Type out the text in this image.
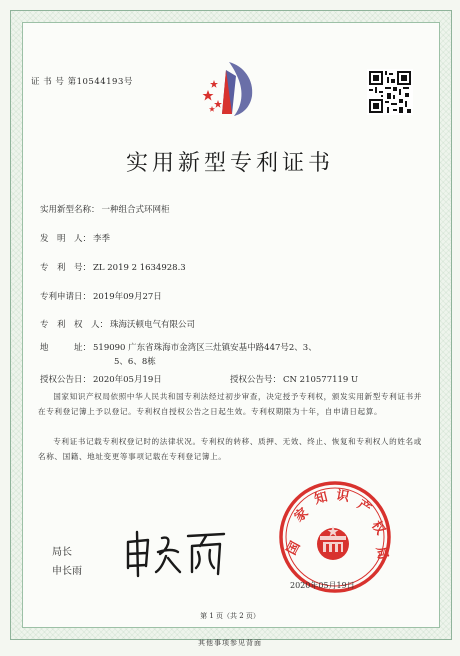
证 书 号 第10544193号
实用新型专利证书
实用新型名称： 一种组合式环网柜
发　明　人： 李季
专　利　号： ZL 2019 2 1634928.3
专利申请日： 2019年09月27日
专　利　权　人： 珠海沃顿电气有限公司
地　　　址： 519090 广东省珠海市金湾区三灶镇安基中路447号2、3、
5、6、8栋
授权公告日： 2020年05月19日	授权公告号： CN 210577119 U
国家知识产权局依照中华人民共和国专利法经过初步审查，决定授予专利权，颁发实用新型专利证书并在专利登记簿上予以登记。专利权自授权公告之日起生效。专利权期限为十年，自申请日起算。
专利证书记载专利权登记时的法律状况。专利权的转移、质押、无效、终止、恢复和专利权人的姓名或名称、国籍、地址变更等事项记载在专利登记簿上。
局长
申长雨
国
家
知 识
产
权
局
2020年05月19日
第 1 页（共 2 页）
其他事项参见背面
